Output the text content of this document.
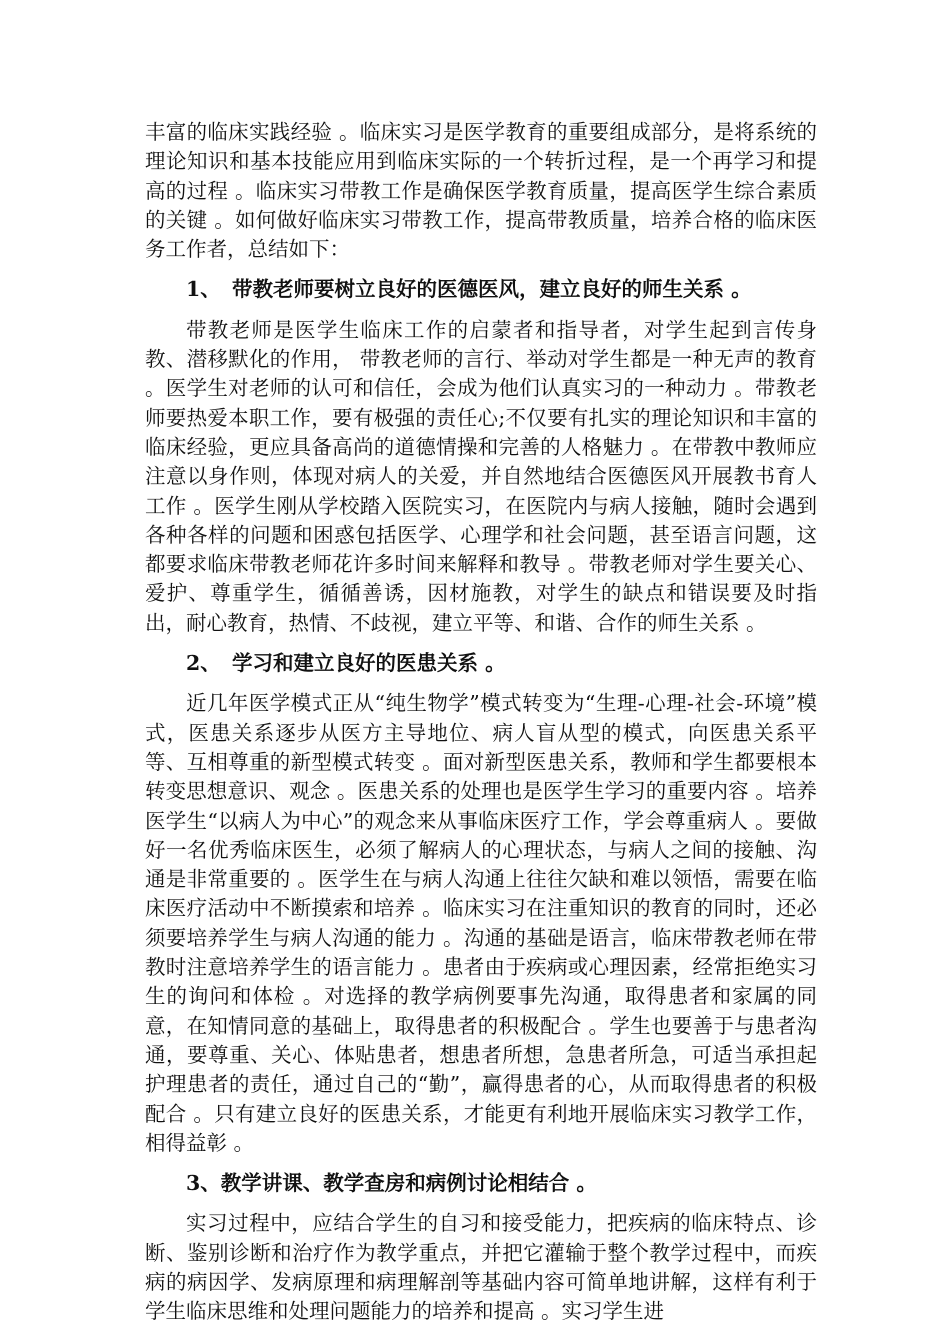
丰富的临床实践经验 。临床实习是医学教育的重要组成部分，是将系统的理论知识和基本技能应用到临床实际的一个转折过程，是一个再学习和提高的过程 。临床实习带教工作是确保医学教育质量，提高医学生综合素质的关键 。如何做好临床实习带教工作，提高带教质量，培养合格的临床医务工作者，总结如下：

1、 带教老师要树立良好的医德医风，建立良好的师生关系 。

带教老师是医学生临床工作的启蒙者和指导者，对学生起到言传身教、潜移默化的作用， 带教老师的言行、举动对学生都是一种无声的教育 。医学生对老师的认可和信任，会成为他们认真实习的一种动力 。带教老师要热爱本职工作，要有极强的责任心;不仅要有扎实的理论知识和丰富的临床经验，更应具备高尚的道德情操和完善的人格魅力 。在带教中教师应注意以身作则，体现对病人的关爱，并自然地结合医德医风开展教书育人工作 。医学生刚从学校踏入医院实习，在医院内与病人接触，随时会遇到各种各样的问题和困惑包括医学、心理学和社会问题，甚至语言问题，这都要求临床带教老师花许多时间来解释和教导 。带教老师对学生要关心、爱护、尊重学生，循循善诱，因材施教，对学生的缺点和错误要及时指出，耐心教育，热情、不歧视，建立平等、和谐、合作的师生关系 。

2、 学习和建立良好的医患关系 。

近几年医学模式正从“纯生物学”模式转变为“生理-心理-社会-环境”模式，医患关系逐步从医方主导地位、病人盲从型的模式，向医患关系平等、互相尊重的新型模式转变 。面对新型医患关系，教师和学生都要根本转变思想意识、观念 。医患关系的处理也是医学生学习的重要内容 。培养医学生“以病人为中心”的观念来从事临床医疗工作，学会尊重病人 。要做好一名优秀临床医生，必须了解病人的心理状态，与病人之间的接触、沟通是非常重要的 。医学生在与病人沟通上往往欠缺和难以领悟，需要在临床医疗活动中不断摸索和培养 。临床实习在注重知识的教育的同时，还必须要培养学生与病人沟通的能力 。沟通的基础是语言，临床带教老师在带教时注意培养学生的语言能力 。患者由于疾病或心理因素，经常拒绝实习生的询问和体检 。对选择的教学病例要事先沟通，取得患者和家属的同意，在知情同意的基础上，取得患者的积极配合 。学生也要善于与患者沟通，要尊重、关心、体贴患者，想患者所想，急患者所急，可适当承担起护理患者的责任，通过自己的“勤”，赢得患者的心，从而取得患者的积极配合 。只有建立良好的医患关系，才能更有利地开展临床实习教学工作，相得益彰 。

3、教学讲课、教学查房和病例讨论相结合 。

实习过程中，应结合学生的自习和接受能力，把疾病的临床特点、诊断、鉴别诊断和治疗作为教学重点，并把它灌输于整个教学过程中，而疾病的病因学、发病原理和病理解剖等基础内容可简单地讲解，这样有利于学生临床思维和处理问题能力的培养和提高 。实习学生进
